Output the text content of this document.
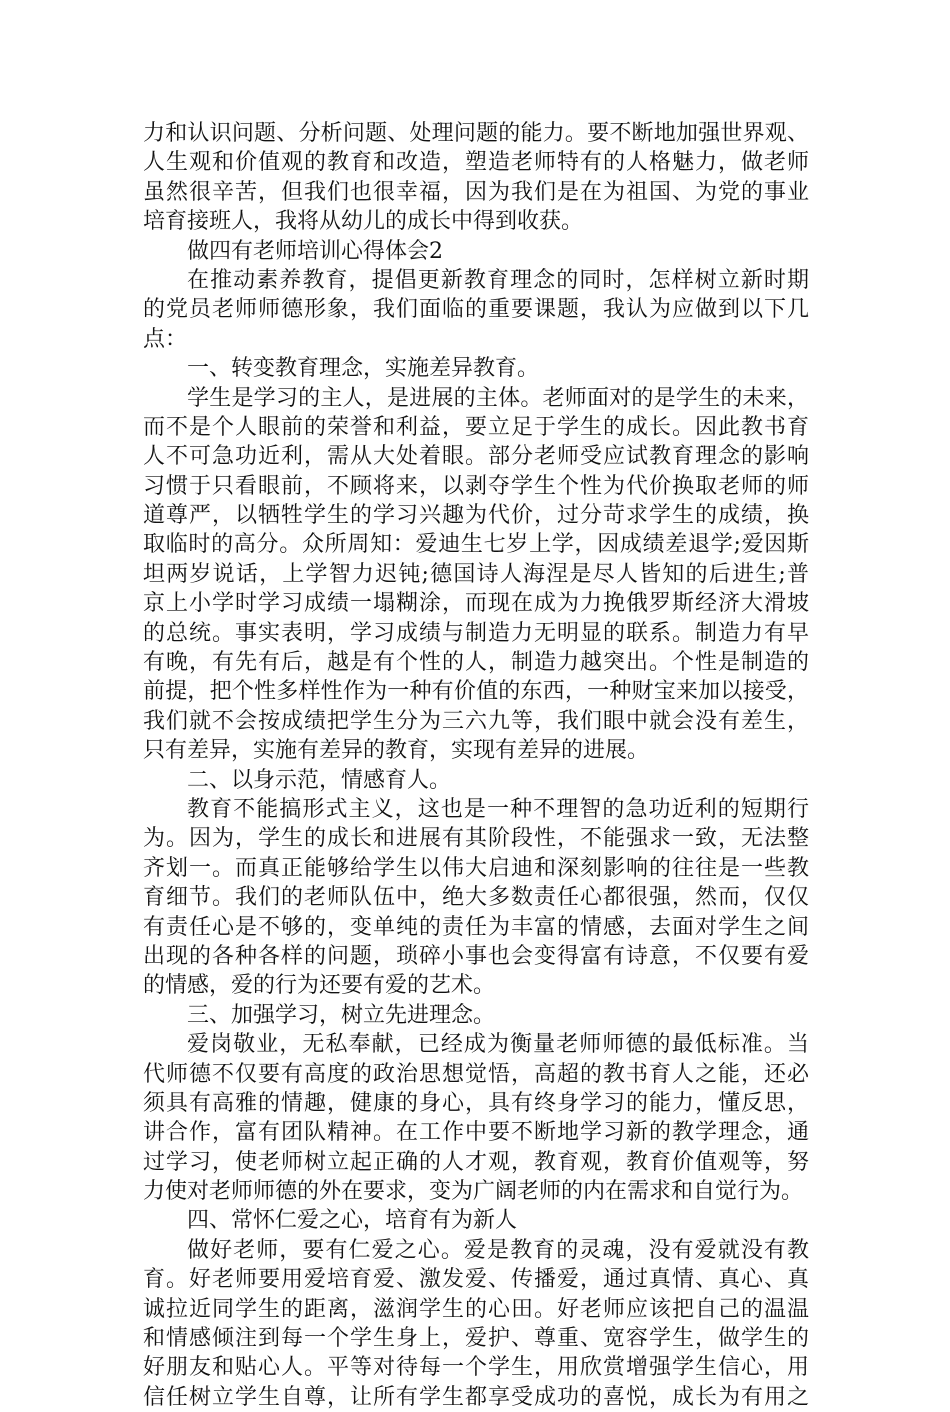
力和认识问题、分析问题、处理问题的能力。要不断地加强世界观、
人生观和价值观的教育和改造，塑造老师特有的人格魅力，做老师
虽然很辛苦，但我们也很幸福，因为我们是在为祖国、为党的事业
培育接班人，我将从幼儿的成长中得到收获。
做四有老师培训心得体会2
在推动素养教育，提倡更新教育理念的同时，怎样树立新时期
的党员老师师德形象，我们面临的重要课题，我认为应做到以下几
点：
一、转变教育理念，实施差异教育。
学生是学习的主人，是进展的主体。老师面对的是学生的未来，
而不是个人眼前的荣誉和利益，要立足于学生的成长。因此教书育
人不可急功近利，需从大处着眼。部分老师受应试教育理念的影响
习惯于只看眼前，不顾将来，以剥夺学生个性为代价换取老师的师
道尊严，以牺牲学生的学习兴趣为代价，过分苛求学生的成绩，换
取临时的高分。众所周知：爱迪生七岁上学，因成绩差退学;爱因斯
坦两岁说话，上学智力迟钝;德国诗人海涅是尽人皆知的后进生;普
京上小学时学习成绩一塌糊涂，而现在成为力挽俄罗斯经济大滑坡
的总统。事实表明，学习成绩与制造力无明显的联系。制造力有早
有晚，有先有后，越是有个性的人，制造力越突出。个性是制造的
前提，把个性多样性作为一种有价值的东西，一种财宝来加以接受，
我们就不会按成绩把学生分为三六九等，我们眼中就会没有差生，
只有差异，实施有差异的教育，实现有差异的进展。
二、以身示范，情感育人。
教育不能搞形式主义，这也是一种不理智的急功近利的短期行
为。因为，学生的成长和进展有其阶段性，不能强求一致，无法整
齐划一。而真正能够给学生以伟大启迪和深刻影响的往往是一些教
育细节。我们的老师队伍中，绝大多数责任心都很强，然而，仅仅
有责任心是不够的，变单纯的责任为丰富的情感，去面对学生之间
出现的各种各样的问题，琐碎小事也会变得富有诗意，不仅要有爱
的情感，爱的行为还要有爱的艺术。
三、加强学习，树立先进理念。
爱岗敬业，无私奉献，已经成为衡量老师师德的最低标准。当
代师德不仅要有高度的政治思想觉悟，高超的教书育人之能，还必
须具有高雅的情趣，健康的身心，具有终身学习的能力，懂反思，
讲合作，富有团队精神。在工作中要不断地学习新的教学理念，通
过学习，使老师树立起正确的人才观，教育观，教育价值观等，努
力使对老师师德的外在要求，变为广阔老师的内在需求和自觉行为。
四、常怀仁爱之心，培育有为新人
做好老师，要有仁爱之心。爱是教育的灵魂，没有爱就没有教
育。好老师要用爱培育爱、激发爱、传播爱，通过真情、真心、真
诚拉近同学生的距离，滋润学生的心田。好老师应该把自己的温温
和情感倾注到每一个学生身上，爱护、尊重、宽容学生，做学生的
好朋友和贴心人。平等对待每一个学生，用欣赏增强学生信心，用
信任树立学生自尊，让所有学生都享受成功的喜悦，成长为有用之
